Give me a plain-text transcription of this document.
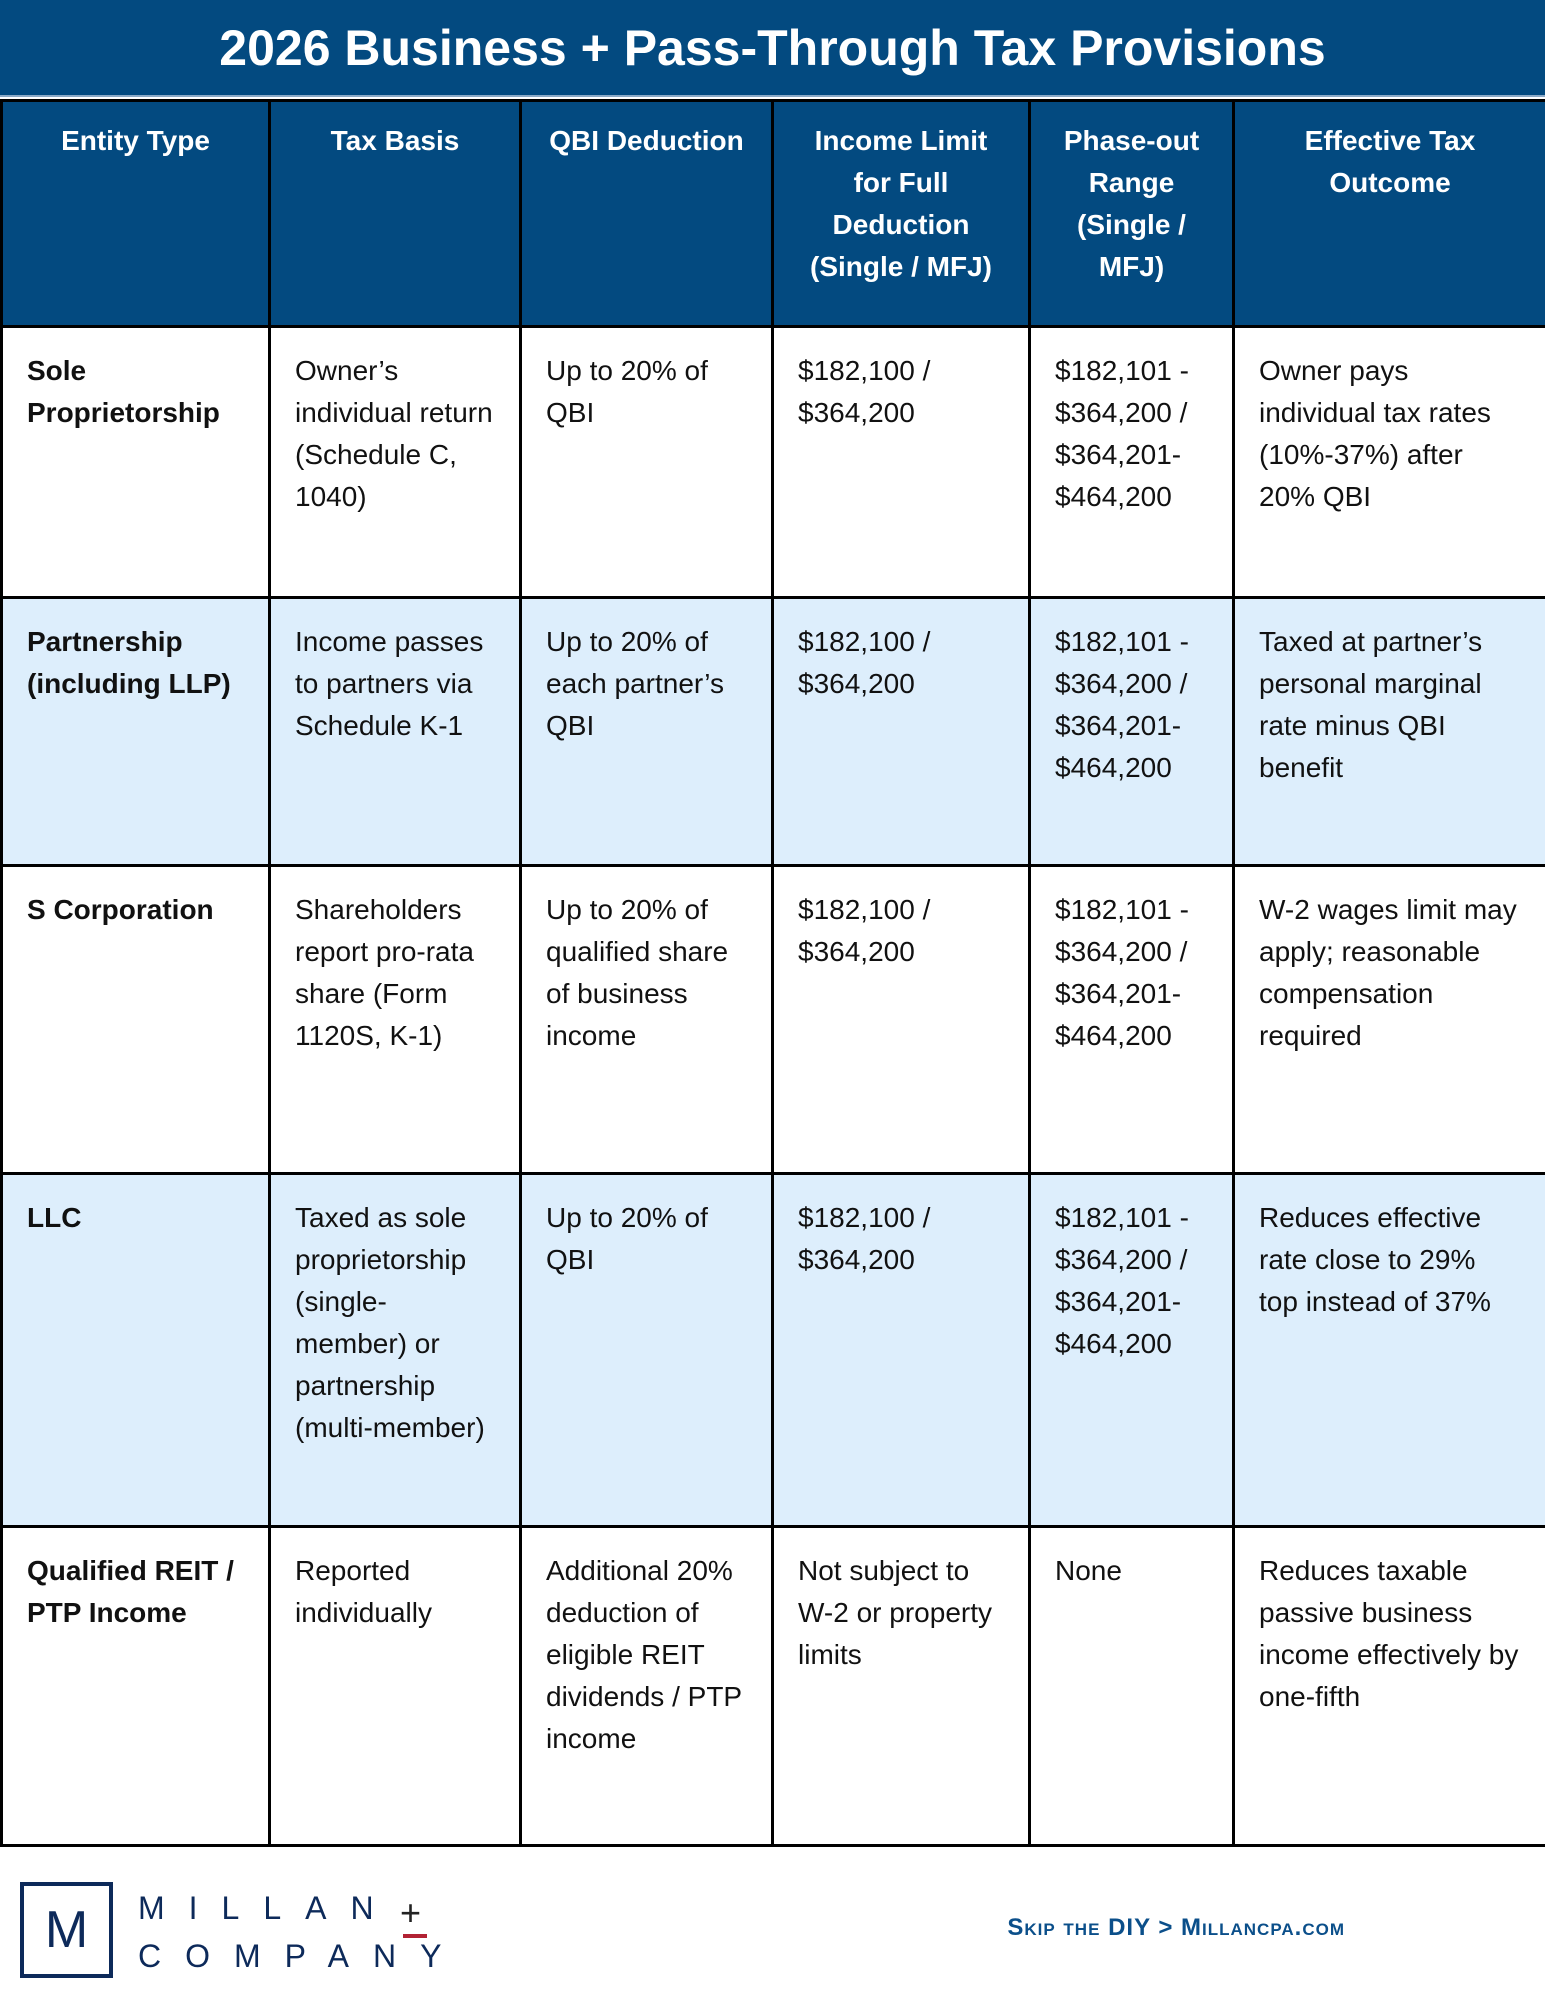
2026 Business + Pass-Through Tax Provisions
Entity Type	Tax Basis	QBI Deduction	Income Limit for Full Deduction (Single / MFJ)	Phase-out Range (Single / MFJ)	Effective Tax Outcome
Sole Proprietorship	Owner’s individual return (Schedule C, 1040)	Up to 20% of QBI	$182,100 / $364,200	$182,101 - $364,200 / $364,201- $464,200	Owner pays individual tax rates (10%-37%) after 20% QBI
Partnership (including LLP)	Income passes to partners via Schedule K-1	Up to 20% of each partner’s QBI	$182,100 / $364,200	$182,101 - $364,200 / $364,201- $464,200	Taxed at partner’s personal marginal rate minus QBI benefit
S Corporation	Shareholders report pro-rata share (Form 1120S, K-1)	Up to 20% of qualified share of business income	$182,100 / $364,200	$182,101 - $364,200 / $364,201- $464,200	W-2 wages limit may apply; reasonable compensation required
LLC	Taxed as sole proprietorship (single-member) or partnership (multi-member)	Up to 20% of QBI	$182,100 / $364,200	$182,101 - $364,200 / $364,201- $464,200	Reduces effective rate close to 29% top instead of 37%
Qualified REIT / PTP Income	Reported individually	Additional 20% deduction of eligible REIT dividends / PTP income	Not subject to W-2 or property limits	None	Reduces taxable passive business income effectively by one-fifth
M	MILLAN +
COMPANY
Skip the DIY > Millancpa.com
